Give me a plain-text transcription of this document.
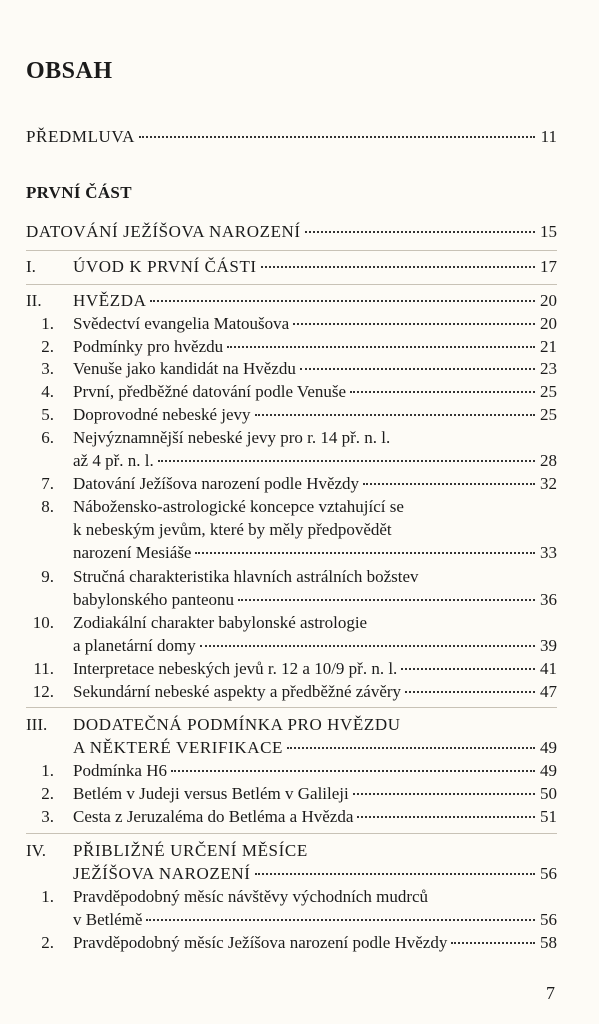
OBSAH
PŘEDMLUVA	11
PRVNÍ ČÁST
DATOVÁNÍ JEŽÍŠOVA NAROZENÍ	15
I.	ÚVOD K PRVNÍ ČÁSTI	17
II.	HVĚZDA	20
1. Svědectví evangelia Matoušova	20
2. Podmínky pro hvězdu	21
3. Venuše jako kandidát na Hvězdu	23
4. První, předběžné datování podle Venuše	25
5. Doprovodné nebeské jevy	25
6. Nejvýznamnější nebeské jevy pro r. 14 př. n. l.
až 4 př. n. l.	28
7. Datování Ježíšova narození podle Hvězdy	32
8. Nábožensko-astrologické koncepce vztahující se
k nebeským jevům, které by měly předpovědět
narození Mesiáše	33
9. Stručná charakteristika hlavních astrálních božstev
babylonského panteonu	36
10. Zodiakální charakter babylonské astrologie
a planetární domy	39
11. Interpretace nebeských jevů r. 12 a 10/9 př. n. l.	41
12. Sekundární nebeské aspekty a předběžné závěry	47
III.	DODATEČNÁ PODMÍNKA PRO HVĚZDU
A NĚKTERÉ VERIFIKACE	49
1. Podmínka H6	49
2. Betlém v Judeji versus Betlém v Galileji	50
3. Cesta z Jeruzaléma do Betléma a Hvězda	51
IV.	PŘIBLIŽNÉ URČENÍ MĚSÍCE
JEŽÍŠOVA NAROZENÍ	56
1. Pravděpodobný měsíc návštěvy východních mudrců
v Betlémě	56
2. Pravděpodobný měsíc Ježíšova narození podle Hvězdy	58
7
